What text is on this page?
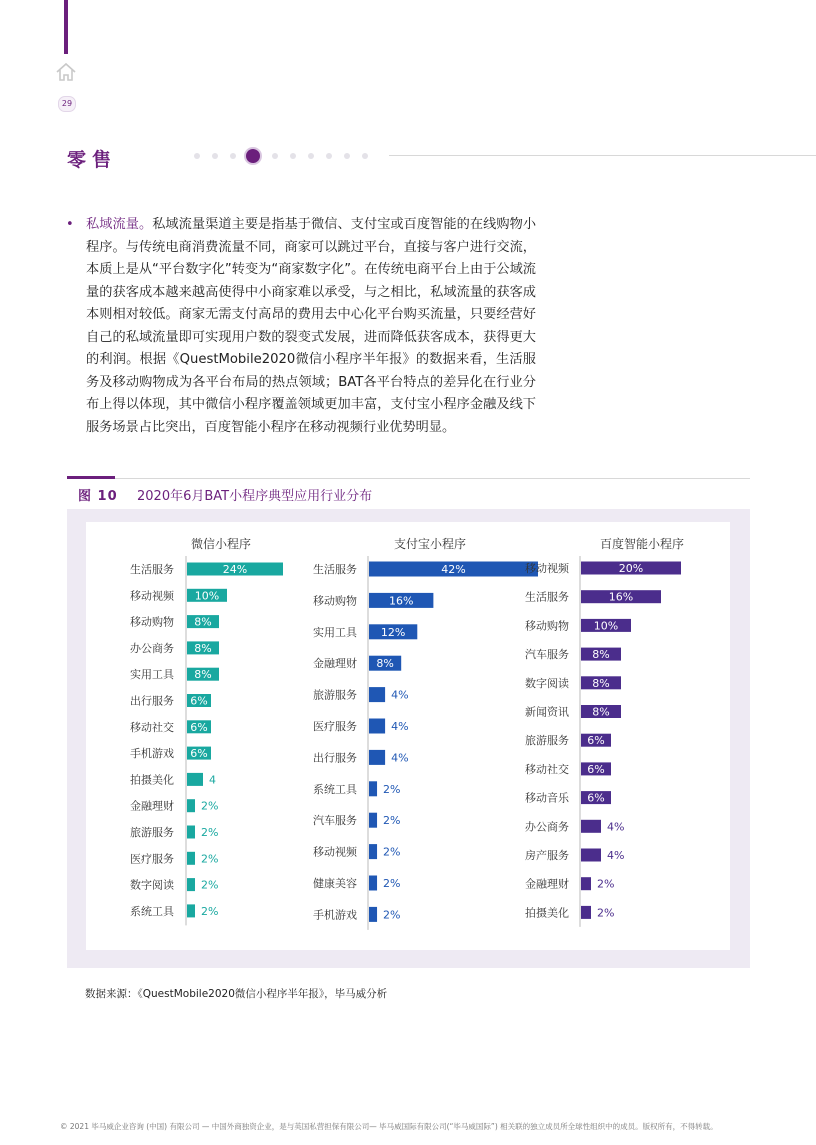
29
零售
• 私域流量。私域流量渠道主要是指基于微信、支付宝或百度智能的在线购物小程序。与传统电商消费流量不同，商家可以跳过平台，直接与客户进行交流，本质上是从“平台数字化”转变为“商家数字化”。在传统电商平台上由于公域流量的获客成本越来越高使得中小商家难以承受，与之相比，私域流量的获客成本则相对较低。商家无需支付高昂的费用去中心化平台购买流量，只要经营好自己的私域流量即可实现用户数的裂变式发展，进而降低获客成本，获得更大的利润。根据《QuestMobile2020微信小程序半年报》的数据来看，生活服务及移动购物成为各平台布局的热点领域；BAT各平台特点的差异化在行业分布上得以体现，其中微信小程序覆盖领域更加丰富，支付宝小程序金融及线下服务场景占比突出，百度智能小程序在移动视频行业优势明显。
图 10 2020年6月BAT小程序典型应用行业分布
微信小程序
生活服务	24%
移动视频 10%
移动购物 8%
办公商务 8%
实用工具 8%
出行服务 6%
移动社交 6%
手机游戏 6%
拍摄美化	4
金融理财 2%
旅游服务 2%
医疗服务 2%
数字阅读 2%
系统工具 2%
支付宝小程序
生活服务	42%
移动购物	16%
实用工具 12%
金融理财 8%
旅游服务	4%
医疗服务	4%
出行服务	4%
系统工具 2%
汽车服务 2%
移动视频 2%
健康美容 2%
手机游戏 2%
百度智能小程序
移动视频	20%
生活服务	16%
移动购物 10%
汽车服务 8%
数字阅读 8%
新闻资讯 8%
旅游服务 6%
移动社交 6%
移动音乐 6%
办公商务	4%
房产服务	4%
金融理财	2%
拍摄美化	2%
数据来源：《QuestMobile2020微信小程序半年报》，毕马威分析
© 2021 毕马威企业咨询 (中国) 有限公司 — 中国外商独资企业，是与英国私营担保有限公司— 毕马威国际有限公司(“毕马威国际”) 相关联的独立成员所全球性组织中的成员。版权所有，不得转载。
